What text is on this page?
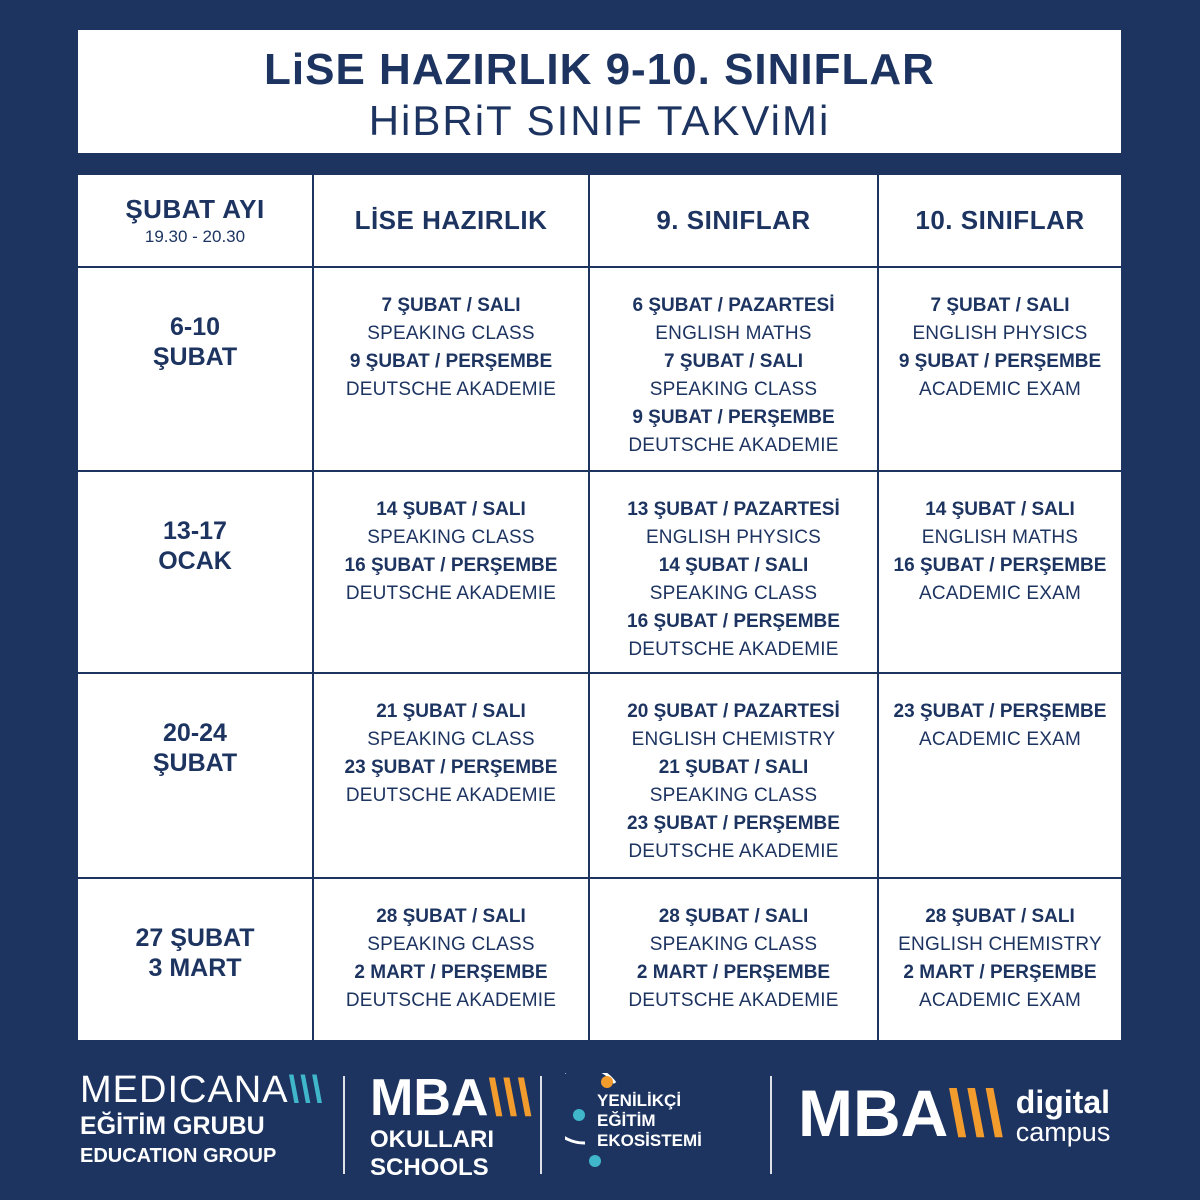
LiSE HAZIRLIK 9-10. SINIFLAR
HiBRiT SINIF TAKViMi
ŞUBAT AYI
19.30 - 20.30
LİSE HAZIRLIK	9. SINIFLAR	10. SINIFLAR
6-10
ŞUBAT
7 ŞUBAT / SALI
SPEAKING CLASS
9 ŞUBAT / PERŞEMBE
DEUTSCHE AKADEMIE
6 ŞUBAT / PAZARTESİ
ENGLISH MATHS
7 ŞUBAT / SALI
SPEAKING CLASS
9 ŞUBAT / PERŞEMBE
DEUTSCHE AKADEMIE
7 ŞUBAT / SALI
ENGLISH PHYSICS
9 ŞUBAT / PERŞEMBE
ACADEMIC EXAM
13-17
OCAK
14 ŞUBAT / SALI
SPEAKING CLASS
16 ŞUBAT / PERŞEMBE
DEUTSCHE AKADEMIE
13 ŞUBAT / PAZARTESİ
ENGLISH PHYSICS
14 ŞUBAT / SALI
SPEAKING CLASS
16 ŞUBAT / PERŞEMBE
DEUTSCHE AKADEMIE
14 ŞUBAT / SALI
ENGLISH MATHS
16 ŞUBAT / PERŞEMBE
ACADEMIC EXAM
20-24
ŞUBAT
21 ŞUBAT / SALI
SPEAKING CLASS
23 ŞUBAT / PERŞEMBE
DEUTSCHE AKADEMIE
20 ŞUBAT / PAZARTESİ
ENGLISH CHEMISTRY
21 ŞUBAT / SALI
SPEAKING CLASS
23 ŞUBAT / PERŞEMBE
DEUTSCHE AKADEMIE
23 ŞUBAT / PERŞEMBE
ACADEMIC EXAM
27 ŞUBAT
3 MART
28 ŞUBAT / SALI
SPEAKING CLASS
2 MART / PERŞEMBE
DEUTSCHE AKADEMIE
28 ŞUBAT / SALI
SPEAKING CLASS
2 MART / PERŞEMBE
DEUTSCHE AKADEMIE
28 ŞUBAT / SALI
ENGLISH CHEMISTRY
2 MART / PERŞEMBE
ACADEMIC EXAM
MEDICANA\\\
EĞİTİM GRUBU
EDUCATION GROUP
MBA\\\
OKULLARI
SCHOOLS
YENİLİKÇİ
EĞİTİM
EKOSİSTEMİ MBA\\\ digital
campus
